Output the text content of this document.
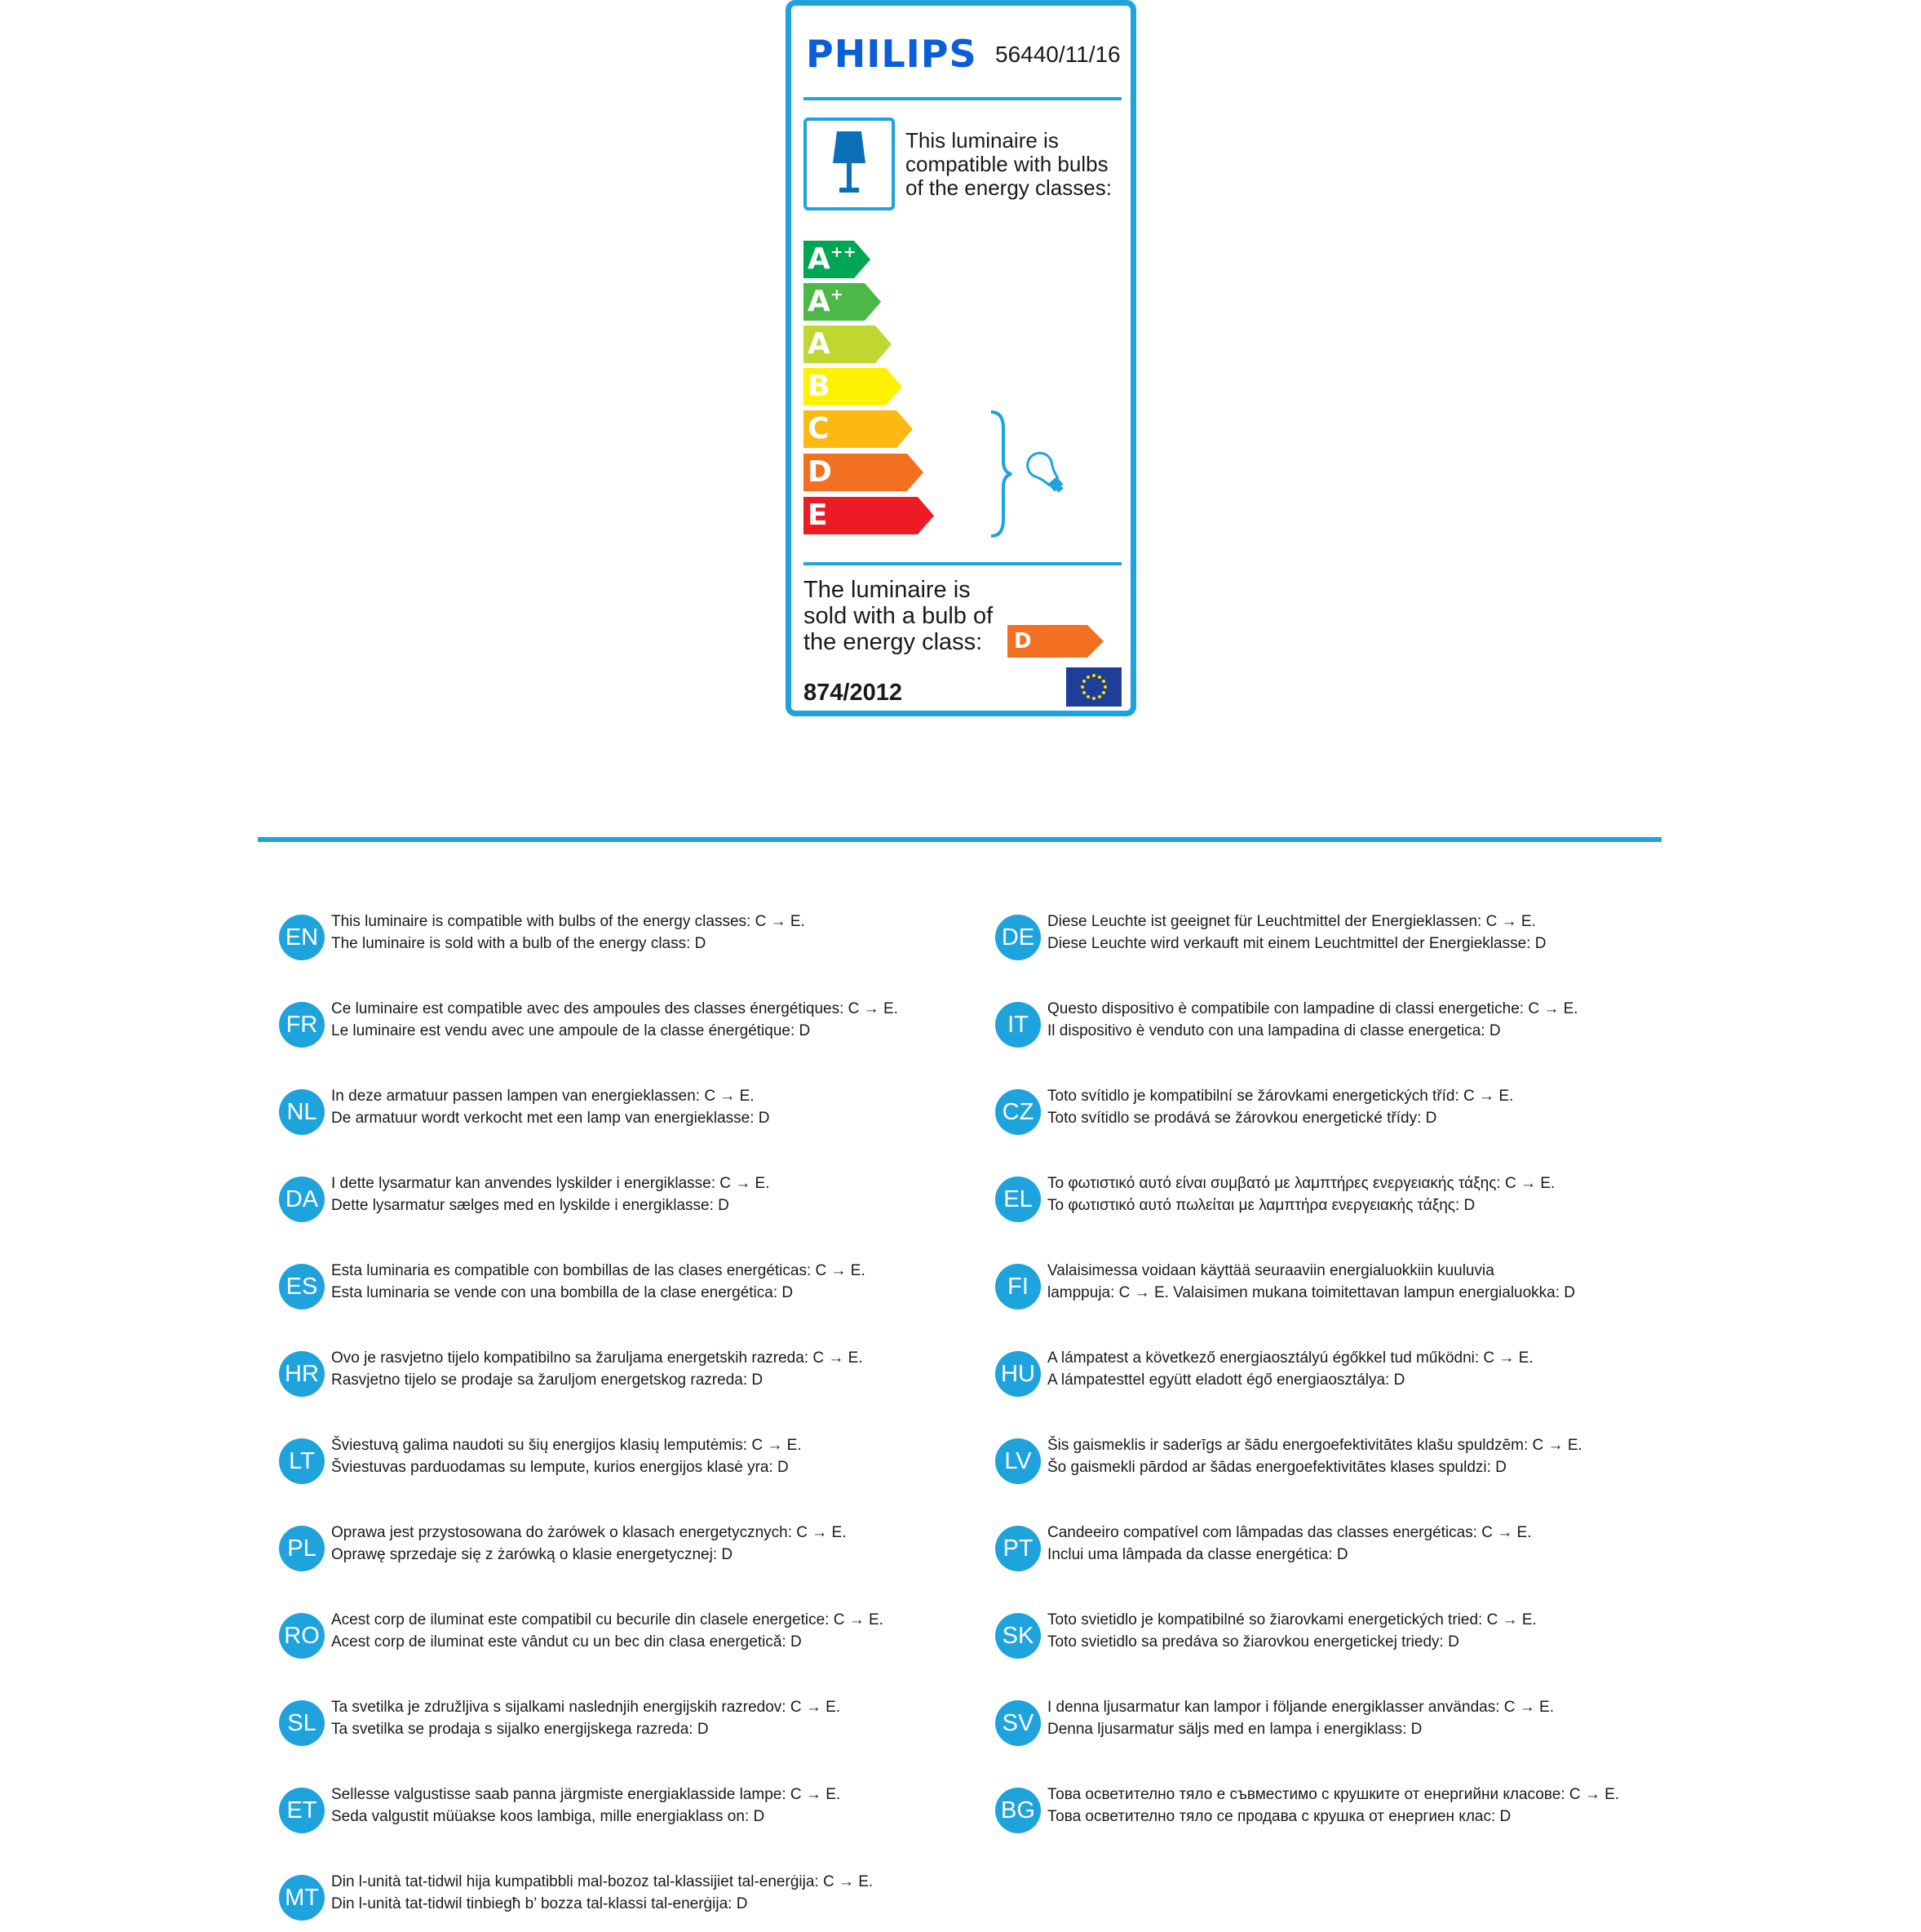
PHILIPS 56440/11/16
This luminaire is compatible with bulbs of the energy classes:
A++
A+
A
B
C
D
E
The luminaire is sold with a bulb of the energy class:	D
874/2012
EN
This luminaire is compatible with bulbs of the energy classes: C → E.
The luminaire is sold with a bulb of the energy class: D	DE
Diese Leuchte ist geeignet für Leuchtmittel der Energieklassen: C → E.
Diese Leuchte wird verkauft mit einem Leuchtmittel der Energieklasse: D
FR
Ce luminaire est compatible avec des ampoules des classes énergétiques: C → E.
Le luminaire est vendu avec une ampoule de la classe énergétique: D	IT
Questo dispositivo è compatibile con lampadine di classi energetiche: C → E.
Il dispositivo è venduto con una lampadina di classe energetica: D
NL
In deze armatuur passen lampen van energieklassen: C → E.
De armatuur wordt verkocht met een lamp van energieklasse: D	CZ
Toto svítidlo je kompatibilní se žárovkami energetických tříd: C → E.
Toto svítidlo se prodává se žárovkou energetické třídy: D
DA
I dette lysarmatur kan anvendes lyskilder i energiklasse: C → E.
Dette lysarmatur sælges med en lyskilde i energiklasse: D	EL
Το φωτιστικό αυτό είναι συμβατό με λαμπτήρες ενεργειακής τάξης: C → E.
Το φωτιστικό αυτό πωλείται με λαμπτήρα ενεργειακής τάξης: D
ES
Esta luminaria es compatible con bombillas de las clases energéticas: C → E.
Esta luminaria se vende con una bombilla de la clase energética: D	FI
Valaisimessa voidaan käyttää seuraaviin energialuokkiin kuuluvia
lamppuja: C → E. Valaisimen mukana toimitettavan lampun energialuokka: D
HR
Ovo je rasvjetno tijelo kompatibilno sa žaruljama energetskih razreda: C → E.
Rasvjetno tijelo se prodaje sa žaruljom energetskog razreda: D	HU
A lámpatest a következő energiaosztályú égőkkel tud működni: C → E.
A lámpatesttel együtt eladott égő energiaosztálya: D
LT
Šviestuvą galima naudoti su šių energijos klasių lemputėmis: C → E.
Šviestuvas parduodamas su lempute, kurios energijos klasė yra: D	LV
Šis gaismeklis ir saderīgs ar šādu energoefektivitātes klašu spuldzēm: C → E.
Šo gaismekli pārdod ar šādas energoefektivitātes klases spuldzi: D
PL
Oprawa jest przystosowana do żarówek o klasach energetycznych: C → E.
Oprawę sprzedaje się z żarówką o klasie energetycznej: D	PT
Candeeiro compatível com lâmpadas das classes energéticas: C → E.
Inclui uma lâmpada da classe energética: D
RO
Acest corp de iluminat este compatibil cu becurile din clasele energetice: C → E.
Acest corp de iluminat este vândut cu un bec din clasa energetică: D	SK
Toto svietidlo je kompatibilné so žiarovkami energetických tried: C → E.
Toto svietidlo sa predáva so žiarovkou energetickej triedy: D
SL
Ta svetilka je združljiva s sijalkami naslednjih energijskih razredov: C → E.
Ta svetilka se prodaja s sijalko energijskega razreda: D	SV
I denna ljusarmatur kan lampor i följande energiklasser användas: C → E.
Denna ljusarmatur säljs med en lampa i energiklass: D
ET
Sellesse valgustisse saab panna järgmiste energiaklasside lampe: C → E.
Seda valgustit müüakse koos lambiga, mille energiaklass on: D	BG
Това осветително тяло е съвместимо с крушките от енергийни класове: C → E.
Това осветително тяло се продава с крушка от енергиен клас: D
MT
Din l-unità tat-tidwil hija kumpatibbli mal-bozoz tal-klassijiet tal-enerġija: C → E.
Din l-unità tat-tidwil tinbiegħ b’ bozza tal-klassi tal-enerġija: D
